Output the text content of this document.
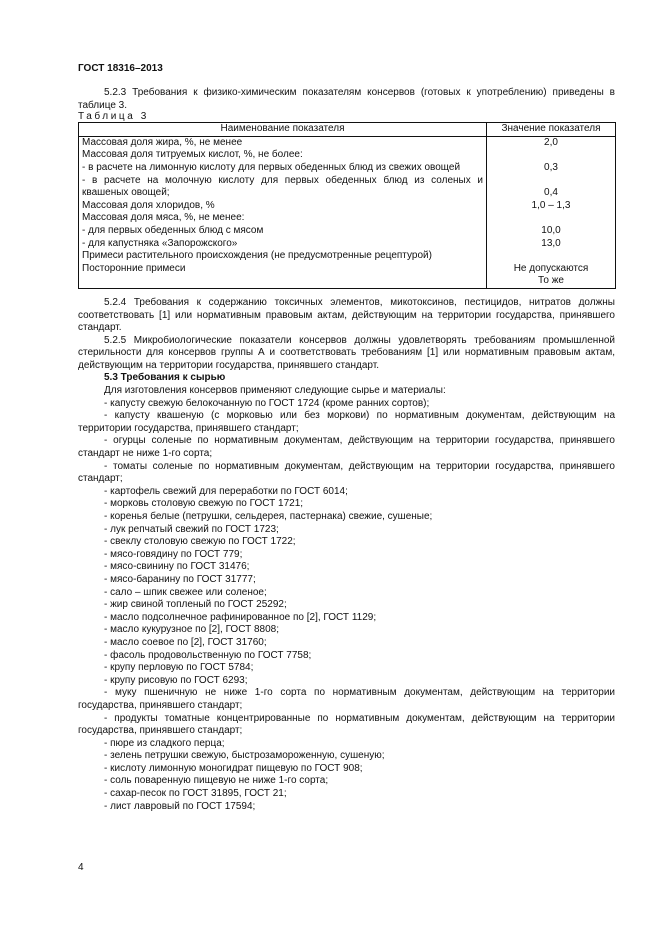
ГОСТ 18316–2013

5.2.3 Требования к физико-химическим показателям консервов (готовых к употреблению) приведены в таблице 3.

Таблица 3
Наименование показателя	Значение показателя
Массовая доля жира, %, не менее	2,0
Массовая доля титруемых кислот, %, не более:	
- в расчете на лимонную кислоту для первых обеденных блюд из свежих овощей	0,3
- в расчете на молочную кислоту для первых обеденных блюд из соленых и квашеных овощей;	0,4
Массовая доля хлоридов, %	1,0 – 1,3
Массовая доля мяса, %, не менее:	
- для первых обеденных блюд с мясом	10,0
- для капустняка «Запорожского»	13,0
Примеси растительного происхождения (не предусмотренные рецептурой)	
Посторонние примеси	Не допускаются
	То же

5.2.4 Требования к содержанию токсичных элементов, микотоксинов, пестицидов, нитратов должны соответствовать [1] или нормативным правовым актам, действующим на территории государства, принявшего стандарт.

5.2.5 Микробиологические показатели консервов должны удовлетворять требованиям промышленной стерильности для консервов группы А и соответствовать требованиям [1] или нормативным правовым актам, действующим на территории государства, принявшего стандарт.

5.3 Требования к сырью

Для изготовления консервов применяют следующие сырье и материалы:

- капусту свежую белокочанную по ГОСТ 1724 (кроме ранних сортов);

- капусту квашеную (с морковью или без моркови) по нормативным документам, действующим на территории государства, принявшего стандарт;

- огурцы соленые по нормативным документам, действующим на территории государства, принявшего стандарт не ниже 1-го сорта;

- томаты соленые по нормативным документам, действующим на территории государства, принявшего стандарт;

- картофель свежий для переработки по ГОСТ 6014;

- морковь столовую свежую по ГОСТ 1721;

- коренья белые (петрушки, сельдерея, пастернака) свежие, сушеные;

- лук репчатый свежий по ГОСТ 1723;

- свеклу столовую свежую по ГОСТ 1722;

- мясо-говядину по ГОСТ 779;

- мясо-свинину по ГОСТ 31476;

- мясо-баранину по ГОСТ 31777;

- сало – шпик свежее или соленое;

- жир свиной топленый по ГОСТ 25292;

- масло подсолнечное рафинированное по [2], ГОСТ 1129;

- масло кукурузное по [2], ГОСТ 8808;

- масло соевое по [2], ГОСТ 31760;

- фасоль продовольственную по ГОСТ 7758;

- крупу перловую по ГОСТ 5784;

- крупу рисовую по ГОСТ 6293;

- муку пшеничную не ниже 1-го сорта по нормативным документам, действующим на территории государства, принявшего стандарт;

- продукты томатные концентрированные по нормативным документам, действующим на территории государства, принявшего стандарт;

- пюре из сладкого перца;

- зелень петрушки свежую, быстрозамороженную, сушеную;

- кислоту лимонную моногидрат пищевую по ГОСТ 908;

- соль поваренную пищевую не ниже 1-го сорта;

- сахар-песок по ГОСТ 31895, ГОСТ 21;

- лист лавровый по ГОСТ 17594;

4
